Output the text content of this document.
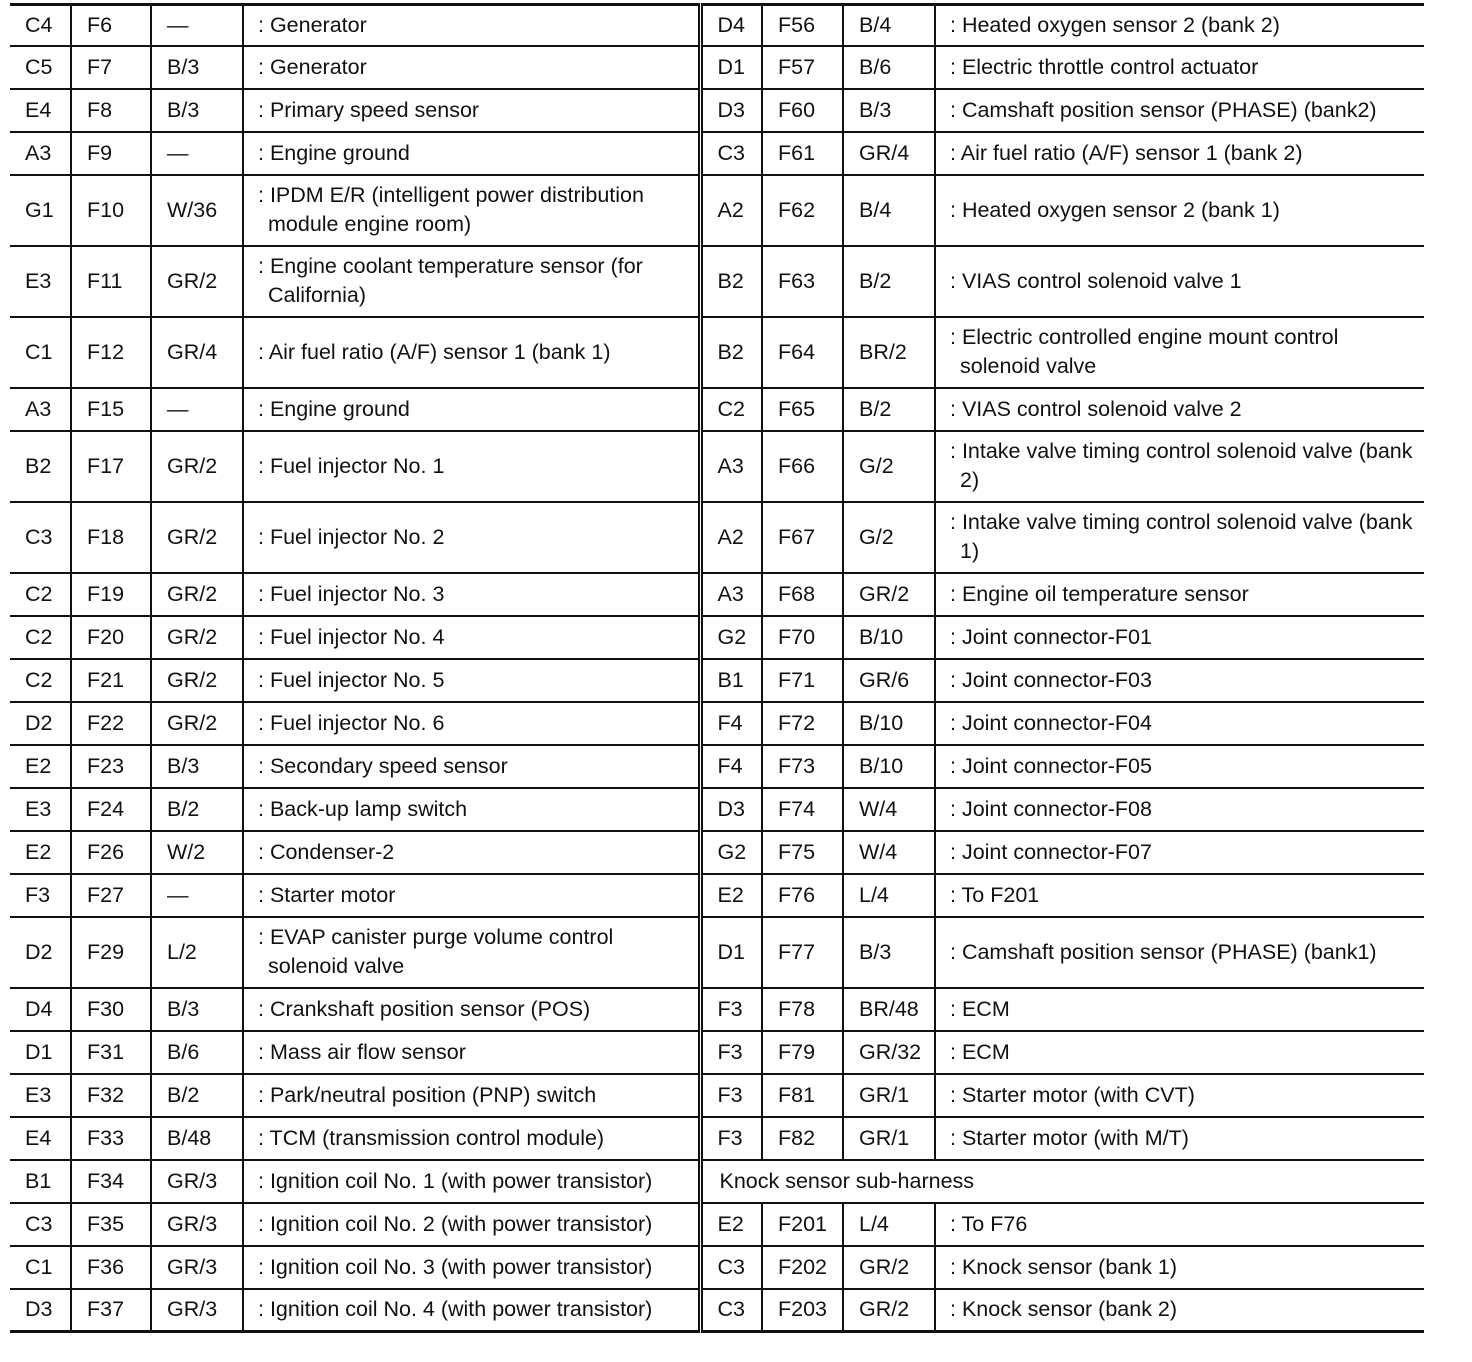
C4	F6	—	: Generator	D4	F56	B/4	: Heated oxygen sensor 2 (bank 2)

C5	F7	B/3	: Generator	D1	F57	B/6	: Electric throttle control actuator

E4	F8	B/3	: Primary speed sensor	D3	F60	B/3	: Camshaft position sensor (PHASE) (bank2)

A3	F9	—	: Engine ground	C3	F61	GR/4	: Air fuel ratio (A/F) sensor 1 (bank 2)

G1	F10	W/36	: IPDM E/R (intelligent power distribution module engine room)	A2	F62	B/4	: Heated oxygen sensor 2 (bank 1)

E3	F11	GR/2	: Engine coolant temperature sensor (for California)	B2	F63	B/2	: VIAS control solenoid valve 1

C1	F12	GR/4	: Air fuel ratio (A/F) sensor 1 (bank 1)	B2	F64	BR/2	: Electric controlled engine mount control solenoid valve

A3	F15	—	: Engine ground	C2	F65	B/2	: VIAS control solenoid valve 2

B2	F17	GR/2	: Fuel injector No. 1	A3	F66	G/2	: Intake valve timing control solenoid valve (bank 2)

C3	F18	GR/2	: Fuel injector No. 2	A2	F67	G/2	: Intake valve timing control solenoid valve (bank 1)

C2	F19	GR/2	: Fuel injector No. 3	A3	F68	GR/2	: Engine oil temperature sensor

C2	F20	GR/2	: Fuel injector No. 4	G2	F70	B/10	: Joint connector-F01

C2	F21	GR/2	: Fuel injector No. 5	B1	F71	GR/6	: Joint connector-F03

D2	F22	GR/2	: Fuel injector No. 6	F4	F72	B/10	: Joint connector-F04

E2	F23	B/3	: Secondary speed sensor	F4	F73	B/10	: Joint connector-F05

E3	F24	B/2	: Back-up lamp switch	D3	F74	W/4	: Joint connector-F08

E2	F26	W/2	: Condenser-2	G2	F75	W/4	: Joint connector-F07

F3	F27	—	: Starter motor	E2	F76	L/4	: To F201

D2	F29	L/2	: EVAP canister purge volume control solenoid valve	D1	F77	B/3	: Camshaft position sensor (PHASE) (bank1)

D4	F30	B/3	: Crankshaft position sensor (POS)	F3	F78	BR/48	: ECM

D1	F31	B/6	: Mass air flow sensor	F3	F79	GR/32	: ECM

E3	F32	B/2	: Park/neutral position (PNP) switch	F3	F81	GR/1	: Starter motor (with CVT)

E4	F33	B/48	: TCM (transmission control module)	F3	F82	GR/1	: Starter motor (with M/T)

B1	F34	GR/3	: Ignition coil No. 1 (with power transistor)	Knock sensor sub-harness			
C3	F35	GR/3	: Ignition coil No. 2 (with power transistor)	E2	F201	L/4	: To F76

C1	F36	GR/3	: Ignition coil No. 3 (with power transistor)	C3	F202	GR/2	: Knock sensor (bank 1)

D3	F37	GR/3	: Ignition coil No. 4 (with power transistor)	C3	F203	GR/2	: Knock sensor (bank 2)
